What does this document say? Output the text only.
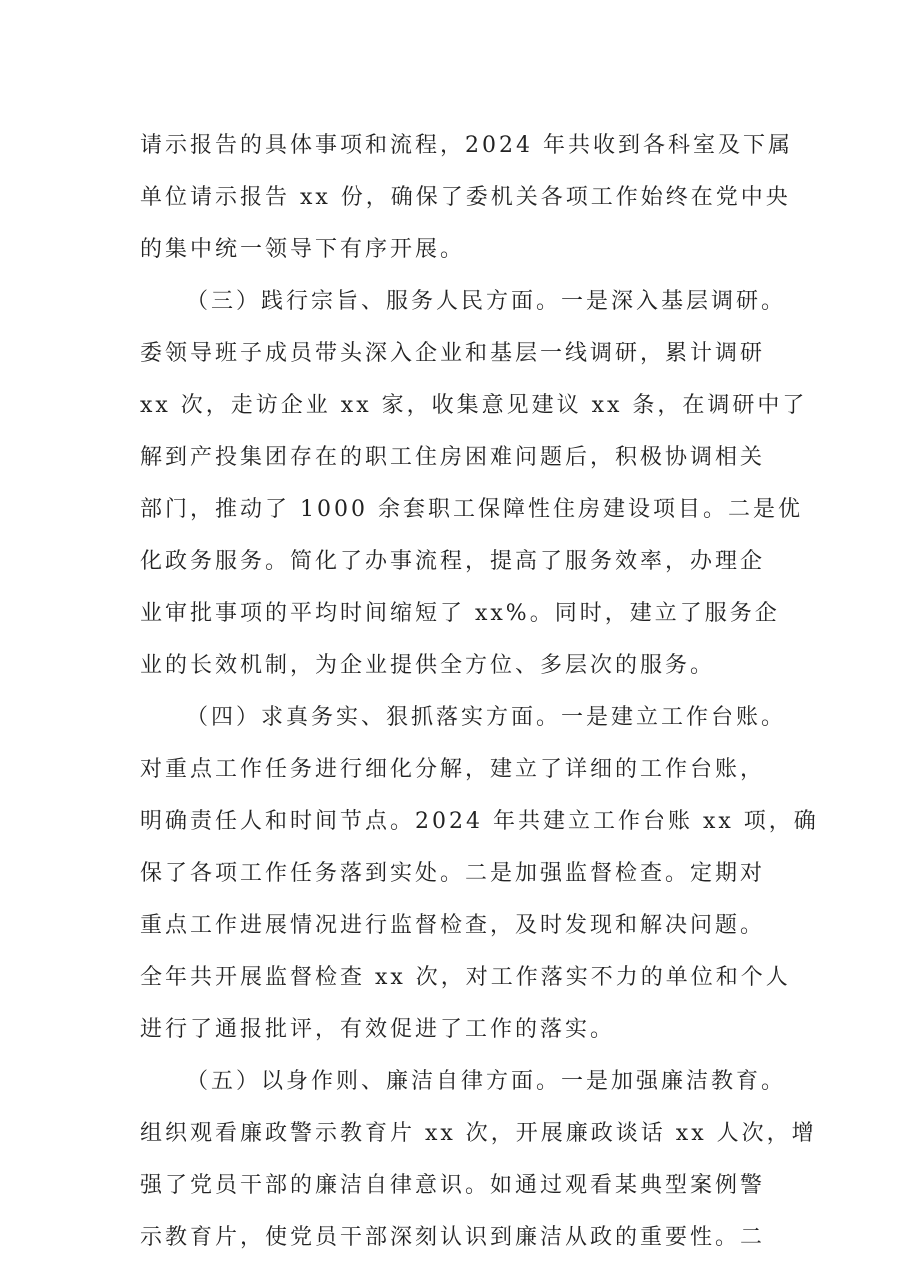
请示报告的具体事项和流程，2024 年共收到各科室及下属
单位请示报告 xx 份，确保了委机关各项工作始终在党中央
的集中统一领导下有序开展。
（三）践行宗旨、服务人民方面。一是深入基层调研。
委领导班子成员带头深入企业和基层一线调研，累计调研
xx 次，走访企业 xx 家，收集意见建议 xx 条，在调研中了
解到产投集团存在的职工住房困难问题后，积极协调相关
部门，推动了 1000 余套职工保障性住房建设项目。二是优
化政务服务。简化了办事流程，提高了服务效率，办理企
业审批事项的平均时间缩短了 xx%。同时，建立了服务企
业的长效机制，为企业提供全方位、多层次的服务。
（四）求真务实、狠抓落实方面。一是建立工作台账。
对重点工作任务进行细化分解，建立了详细的工作台账，
明确责任人和时间节点。2024 年共建立工作台账 xx 项，确
保了各项工作任务落到实处。二是加强监督检查。定期对
重点工作进展情况进行监督检查，及时发现和解决问题。
全年共开展监督检查 xx 次，对工作落实不力的单位和个人
进行了通报批评，有效促进了工作的落实。
（五）以身作则、廉洁自律方面。一是加强廉洁教育。
组织观看廉政警示教育片 xx 次，开展廉政谈话 xx 人次，增
强了党员干部的廉洁自律意识。如通过观看某典型案例警
示教育片，使党员干部深刻认识到廉洁从政的重要性。二
